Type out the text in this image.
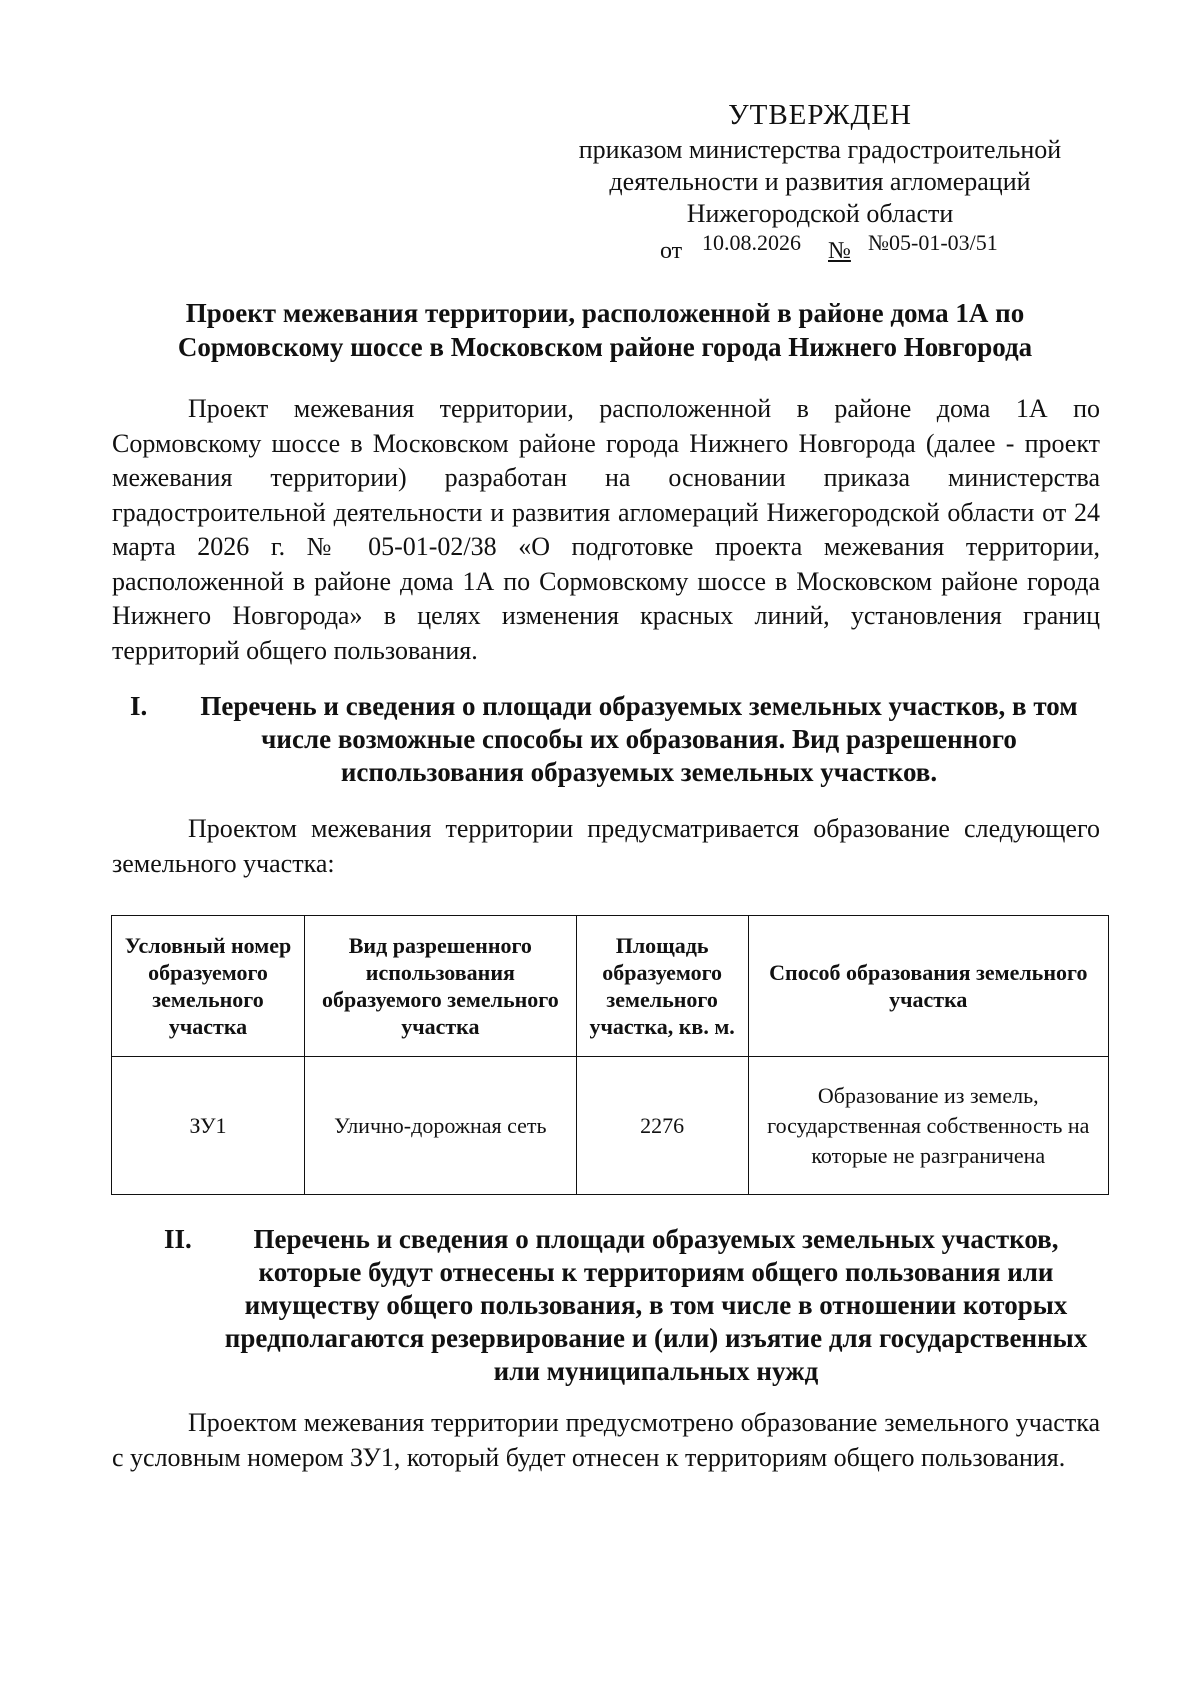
УТВЕРЖДЕН
приказом министерства градостроительной
деятельности и развития агломераций
Нижегородской области
от 10.08.2026 № №05-01-03/51
Проект межевания территории, расположенной в районе дома 1А по Сормовскому шоссе в Московском районе города Нижнего Новгорода
Проект межевания территории, расположенной в районе дома 1А по Сормовскому шоссе в Московском районе города Нижнего Новгорода (далее - проект межевания территории) разработан на основании приказа министерства градостроительной деятельности и развития агломераций Нижегородской области от 24 марта 2026 г. № 05-01-02/38 «О подготовке проекта межевания территории, расположенной в районе дома 1А по Сормовскому шоссе в Московском районе города Нижнего Новгорода» в целях изменения красных линий, установления границ территорий общего пользования.
I.	Перечень и сведения о площади образуемых земельных участков, в том числе возможные способы их образования. Вид разрешенного использования образуемых земельных участков.
Проектом межевания территории предусматривается образование следующего земельного участка:
Условный номер образуемого земельного участка	Вид разрешенного использования образуемого земельного участка	Площадь образуемого земельного участка, кв. м.	Способ образования земельного участка
ЗУ1	Улично-дорожная сеть	2276	Образование из земель, государственная собственность на которые не разграничена
II.	Перечень и сведения о площади образуемых земельных участков, которые будут отнесены к территориям общего пользования или имуществу общего пользования, в том числе в отношении которых предполагаются резервирование и (или) изъятие для государственных или муниципальных нужд
Проектом межевания территории предусмотрено образование земельного участка с условным номером ЗУ1, который будет отнесен к территориям общего пользования.
